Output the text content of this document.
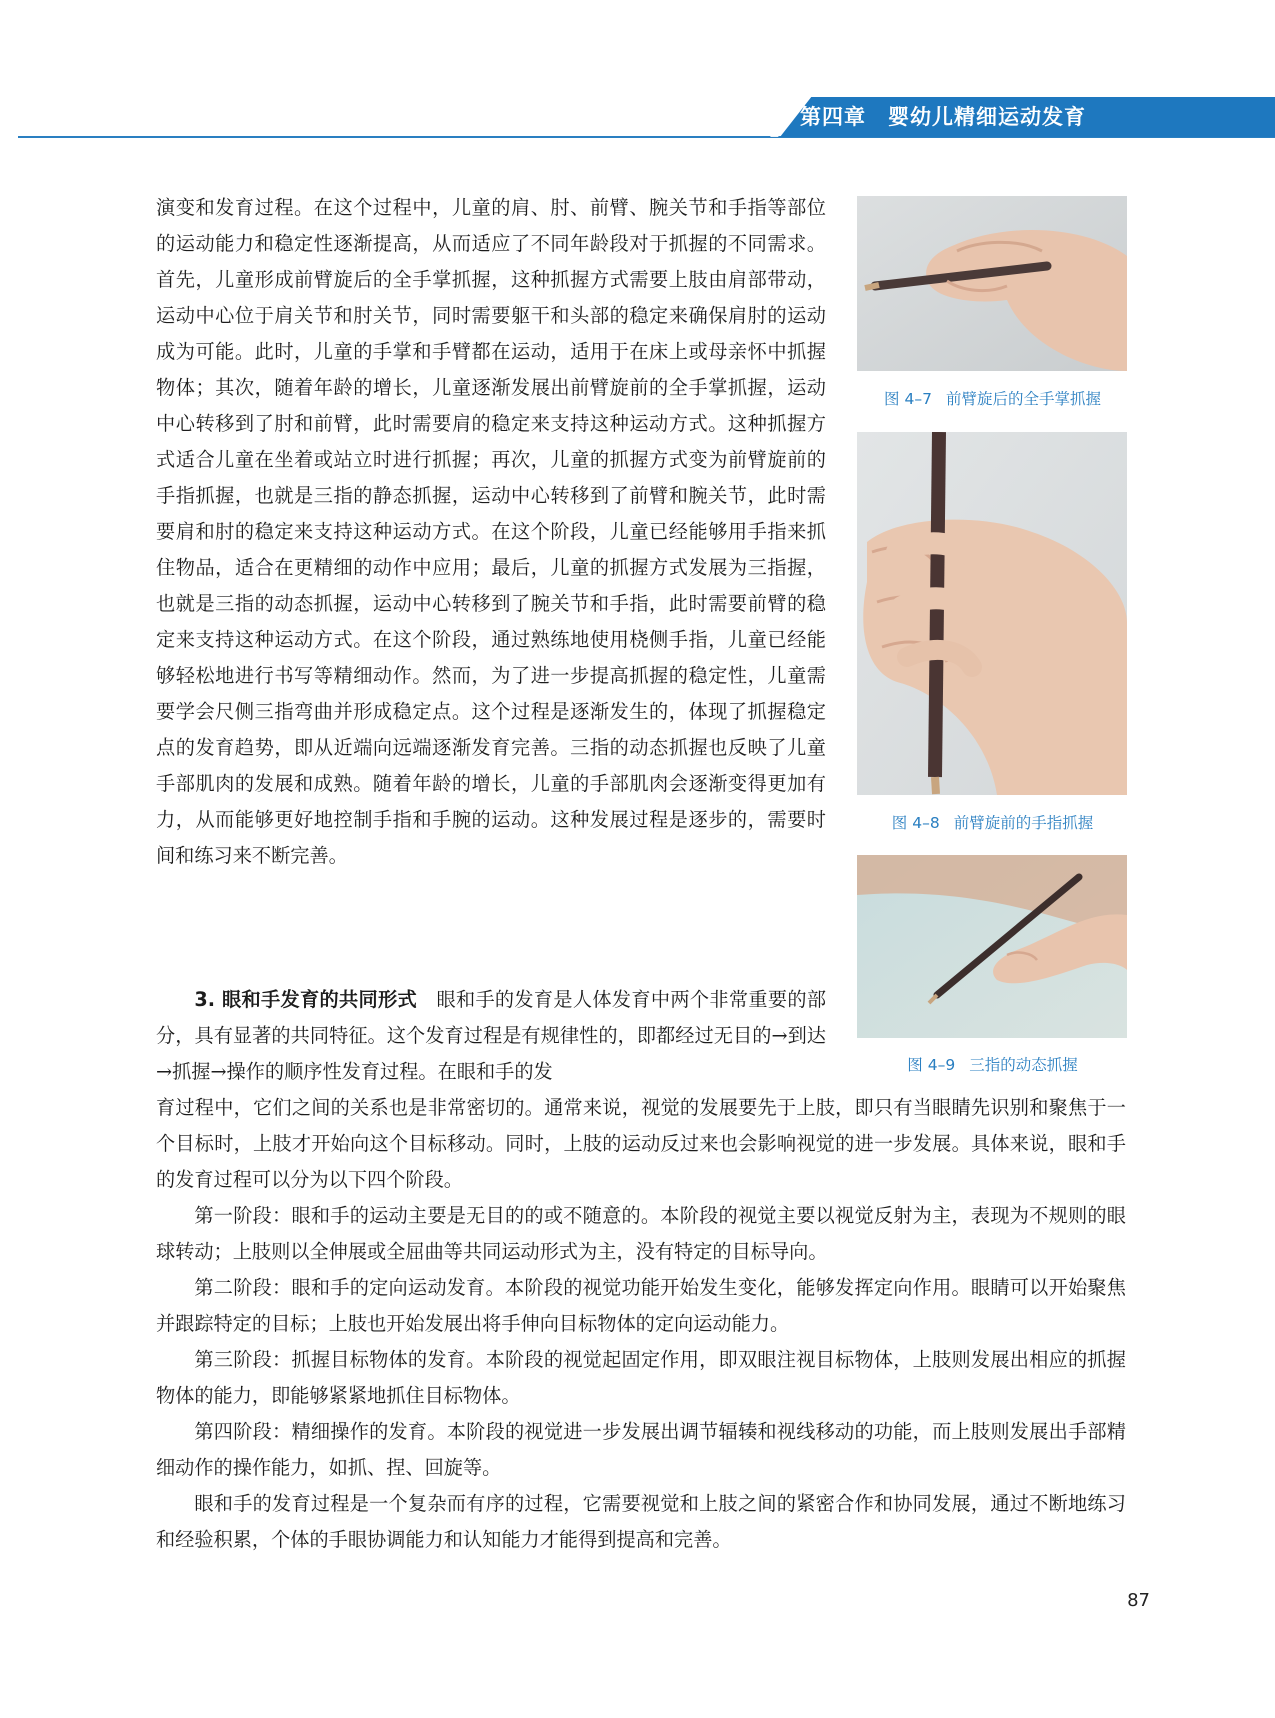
第四章 婴幼儿精细运动发育

演变和发育过程。在这个过程中，儿童的肩、肘、前臂、腕关节和手指等部位的运动能力和稳定性逐渐提高，从而适应了不同年龄段对于抓握的不同需求。首先，儿童形成前臂旋后的全手掌抓握，这种抓握方式需要上肢由肩部带动，运动中心位于肩关节和肘关节，同时需要躯干和头部的稳定来确保肩肘的运动成为可能。此时，儿童的手掌和手臂都在运动，适用于在床上或母亲怀中抓握物体；其次，随着年龄的增长，儿童逐渐发展出前臂旋前的全手掌抓握，运动中心转移到了肘和前臂，此时需要肩的稳定来支持这种运动方式。这种抓握方式适合儿童在坐着或站立时进行抓握；再次，儿童的抓握方式变为前臂旋前的手指抓握，也就是三指的静态抓握，运动中心转移到了前臂和腕关节，此时需要肩和肘的稳定来支持这种运动方式。在这个阶段，儿童已经能够用手指来抓住物品，适合在更精细的动作中应用；最后，儿童的抓握方式发展为三指握，也就是三指的动态抓握，运动中心转移到了腕关节和手指，此时需要前臂的稳定来支持这种运动方式。在这个阶段，通过熟练地使用桡侧手指，儿童已经能够轻松地进行书写等精细动作。然而，为了进一步提高抓握的稳定性，儿童需要学会尺侧三指弯曲并形成稳定点。这个过程是逐渐发生的，体现了抓握稳定点的发育趋势，即从近端向远端逐渐发育完善。三指的动态抓握也反映了儿童手部肌肉的发展和成熟。随着年龄的增长，儿童的手部肌肉会逐渐变得更加有力，从而能够更好地控制手指和手腕的运动。这种发展过程是逐步的，需要时间和练习来不断完善。

3. 眼和手发育的共同形式　 眼和手的发育是人体发育中两个非常重要的部分，具有显著的共同特征。这个发育过程是有规律性的，即都经过无目的→到达→抓握→操作的顺序性发育过程。在眼和手的发

育过程中，它们之间的关系也是非常密切的。通常来说，视觉的发展要先于上肢，即只有当眼睛先识别和聚焦于一个目标时，上肢才开始向这个目标移动。同时，上肢的运动反过来也会影响视觉的进一步发展。具体来说，眼和手的发育过程可以分为以下四个阶段。

第一阶段：眼和手的运动主要是无目的的或不随意的。本阶段的视觉主要以视觉反射为主，表现为不规则的眼球转动；上肢则以全伸展或全屈曲等共同运动形式为主，没有特定的目标导向。

第二阶段：眼和手的定向运动发育。本阶段的视觉功能开始发生变化，能够发挥定向作用。眼睛可以开始聚焦并跟踪特定的目标；上肢也开始发展出将手伸向目标物体的定向运动能力。

第三阶段：抓握目标物体的发育。本阶段的视觉起固定作用，即双眼注视目标物体，上肢则发展出相应的抓握物体的能力，即能够紧紧地抓住目标物体。

第四阶段：精细操作的发育。本阶段的视觉进一步发展出调节辐辏和视线移动的功能，而上肢则发展出手部精细动作的操作能力，如抓、捏、回旋等。

眼和手的发育过程是一个复杂而有序的过程，它需要视觉和上肢之间的紧密合作和协同发展，通过不断地练习和经验积累，个体的手眼协调能力和认知能力才能得到提高和完善。

图 4–7 前臂旋后的全手掌抓握
图 4–8 前臂旋前的手指抓握
图 4–9 三指的动态抓握
87
